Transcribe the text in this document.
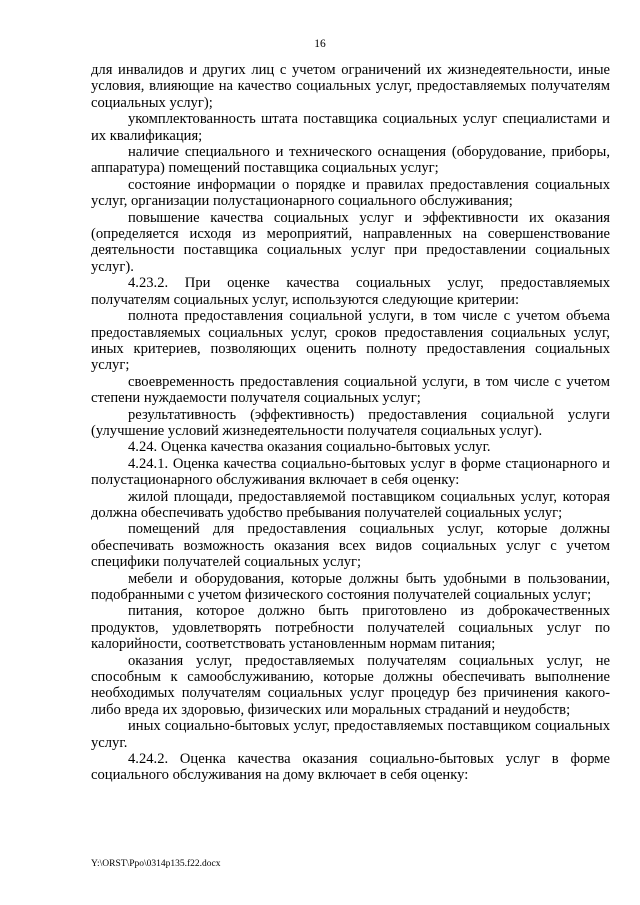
16

для инвалидов и других лиц с учетом ограничений их жизнедеятельности, иные условия, влияющие на качество социальных услуг, предоставляемых получателям социальных услуг);

укомплектованность штата поставщика социальных услуг специалистами и их квалификация;

наличие специального и технического оснащения (оборудование, приборы, аппаратура) помещений поставщика социальных услуг;

состояние информации о порядке и правилах предоставления социальных услуг, организации полустационарного социального обслуживания;

повышение качества социальных услуг и эффективности их оказания (определяется исходя из мероприятий, направленных на совершенствование деятельности поставщика социальных услуг при предоставлении социальных услуг).

4.23.2. При оценке качества социальных услуг, предоставляемых получателям социальных услуг, используются следующие критерии:

полнота предоставления социальной услуги, в том числе с учетом объема предоставляемых социальных услуг, сроков предоставления социальных услуг, иных критериев, позволяющих оценить полноту предоставления социальных услуг;

своевременность предоставления социальной услуги, в том числе с учетом степени нуждаемости получателя социальных услуг;

результативность (эффективность) предоставления социальной услуги (улучшение условий жизнедеятельности получателя социальных услуг).

4.24. Оценка качества оказания социально-бытовых услуг.

4.24.1. Оценка качества социально-бытовых услуг в форме стационарного и полустационарного обслуживания включает в себя оценку:

жилой площади, предоставляемой поставщиком социальных услуг, которая должна обеспечивать удобство пребывания получателей социальных услуг;

помещений для предоставления социальных услуг, которые должны обеспечивать возможность оказания всех видов социальных услуг с учетом специфики получателей социальных услуг;

мебели и оборудования, которые должны быть удобными в пользовании, подобранными с учетом физического состояния получателей социальных услуг;

питания, которое должно быть приготовлено из доброкачественных продуктов, удовлетворять потребности получателей социальных услуг по калорийности, соответствовать установленным нормам питания;

оказания услуг, предоставляемых получателям социальных услуг, не способным к самообслуживанию, которые должны обеспечивать выполнение необходимых получателям социальных услуг процедур без причинения какого-либо вреда их здоровью, физических или моральных страданий и неудобств;

иных социально-бытовых услуг, предоставляемых поставщиком социальных услуг.

4.24.2. Оценка качества оказания социально-бытовых услуг в форме социального обслуживания на дому включает в себя оценку:

Y:\ORST\Ppo\0314p135.f22.docx
